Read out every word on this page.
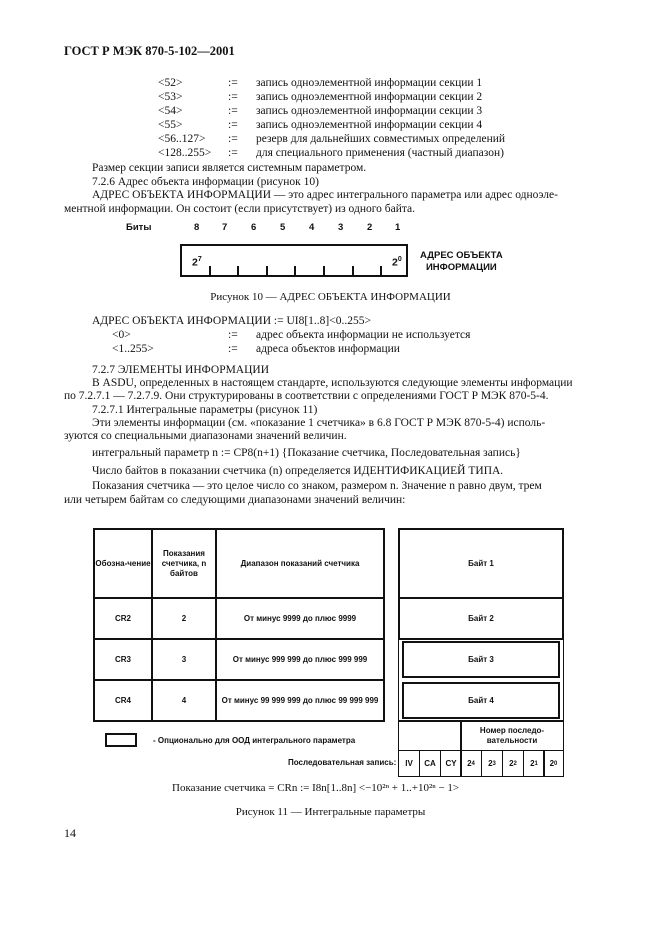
ГОСТ Р МЭК 870-5-102—2001
<52>	:= запись одноэлементной информации секции 1
<53>	:= запись одноэлементной информации секции 2
<54>	:= запись одноэлементной информации секции 3
<55>	:= запись одноэлементной информации секции 4
<56..127> := резерв для дальнейших совместимых определений
<128..255> := для специального применения (частный диапазон)
Размер секции записи является системным параметром.
7.2.6 Адрес объекта информации (рисунок 10)
АДРЕС ОБЪЕКТА ИНФОРМАЦИИ — это адрес интегрального параметра или адрес одноэле-
ментной информации. Он состоит (если присутствует) из одного байта.
Биты	8 7 6 5 4 3 2 1
$2^7$	$2^0$ АДРЕС ОБЪЕКТА
ИНФОРМАЦИИ
Рисунок 10 — АДРЕС ОБЪЕКТА ИНФОРМАЦИИ
АДРЕС ОБЪЕКТА ИНФОРМАЦИИ := UI8[1..8]<0..255>
<0>	:= адрес объекта информации не используется
<1..255>	:= адреса объектов информации
7.2.7 ЭЛЕМЕНТЫ ИНФОРМАЦИИ
В ASDU, определенных в настоящем стандарте, используются следующие элементы информации
по 7.2.7.1 — 7.2.7.9. Они структурированы в соответствии с определениями ГОСТ Р МЭК 870-5-4.
7.2.7.1 Интегральные параметры (рисунок 11)
Эти элементы информации (см. «показание 1 счетчика» в 6.8 ГОСТ Р МЭК 870-5-4) исполь-
зуются со специальными диапазонами значений величин.
интегральный параметр n := CP8(n+1) {Показание счетчика, Последовательная запись}
Число байтов в показании счетчика (n) определяется ИДЕНТИФИКАЦИЕЙ ТИПА.
Показания счетчика — это целое число со знаком, размером n. Значение n равно двум, трем
или четырем байтам со следующими диапазонами значений величин:
Обозна-чение
Показания счетчика, n байтов
Диапазон показаний счетчика
CR2	2	От минус 9999 до плюс 9999
CR3	3	От минус 999 999 до плюс 999 999
CR4	4	От минус 99 999 999 до плюс 99 999 999
Байт 1
Байт 2
Байт 3
Байт 4
Номер последо-вательности
IV CA CY 2 4 2 3 2 2 2 1 2 0
- Опционально для ООД интегрального параметра
Последовательная запись:
Показание счетчика = CRn := I8n[1..8n] <−10²ⁿ + 1..+10²ⁿ − 1>
Рисунок 11 — Интегральные параметры
14
